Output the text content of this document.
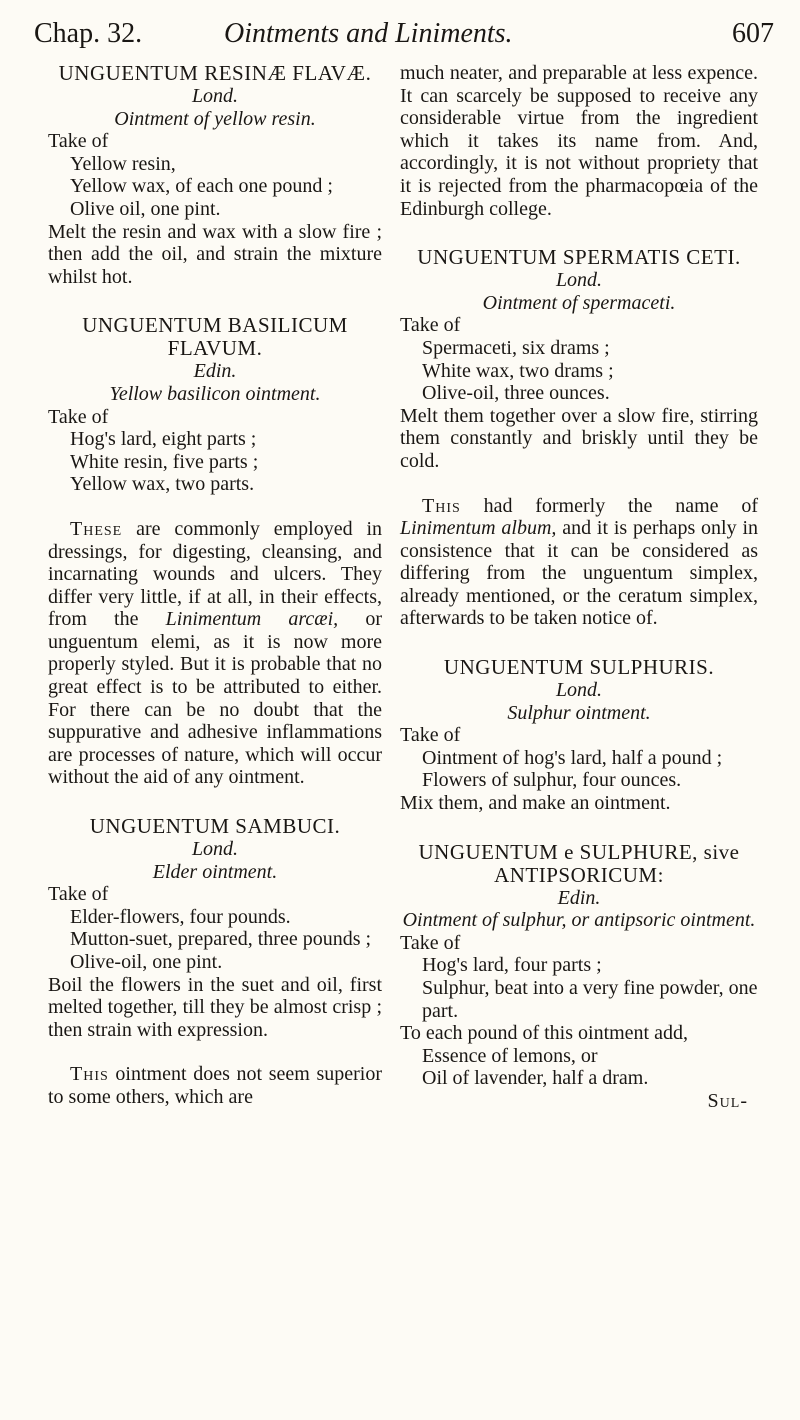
Chap. 32.	Ointments and Liniments.	607
UNGUENTUM RESINÆ FLAVÆ.
Lond.
Ointment of yellow resin.
Take of
Yellow resin,
Yellow wax, of each one pound ;
Olive oil, one pint.
Melt the resin and wax with a slow fire ; then add the oil, and strain the mixture whilst hot.
UNGUENTUM BASILICUM FLAVUM.
Edin.
Yellow basilicon ointment.
Take of
Hog's lard, eight parts ;
White resin, five parts ;
Yellow wax, two parts.
These are commonly employed in dressings, for digesting, cleansing, and incarnating wounds and ulcers. They differ very little, if at all, in their effects, from the Linimentum arcæi, or unguentum elemi, as it is now more properly styled. But it is probable that no great effect is to be attributed to either. For there can be no doubt that the suppurative and adhesive inflammations are processes of nature, which will occur without the aid of any ointment.
UNGUENTUM SAMBUCI.
Lond.
Elder ointment.
Take of
Elder-flowers, four pounds.
Mutton-suet, prepared, three pounds ;
Olive-oil, one pint.
Boil the flowers in the suet and oil, first melted together, till they be almost crisp ; then strain with expression.
This ointment does not seem superior to some others, which are
much neater, and preparable at less expence. It can scarcely be supposed to receive any considerable virtue from the ingredient which it takes its name from. And, accordingly, it is not without propriety that it is rejected from the pharmacopœia of the Edinburgh college.
UNGUENTUM SPERMATIS CETI.
Lond.
Ointment of spermaceti.
Take of
Spermaceti, six drams ;
White wax, two drams ;
Olive-oil, three ounces.
Melt them together over a slow fire, stirring them constantly and briskly until they be cold.
This had formerly the name of Linimentum album, and it is perhaps only in consistence that it can be considered as differing from the unguentum simplex, already mentioned, or the ceratum simplex, afterwards to be taken notice of.
UNGUENTUM SULPHURIS.
Lond.
Sulphur ointment.
Take of
Ointment of hog's lard, half a pound ;
Flowers of sulphur, four ounces.
Mix them, and make an ointment.
UNGUENTUM e SULPHURE, sive ANTIPSORICUM:
Edin.
Ointment of sulphur, or antipsoric ointment.
Take of
Hog's lard, four parts ;
Sulphur, beat into a very fine powder, one part.
To each pound of this ointment add,
Essence of lemons, or
Oil of lavender, half a dram.
Sul-
